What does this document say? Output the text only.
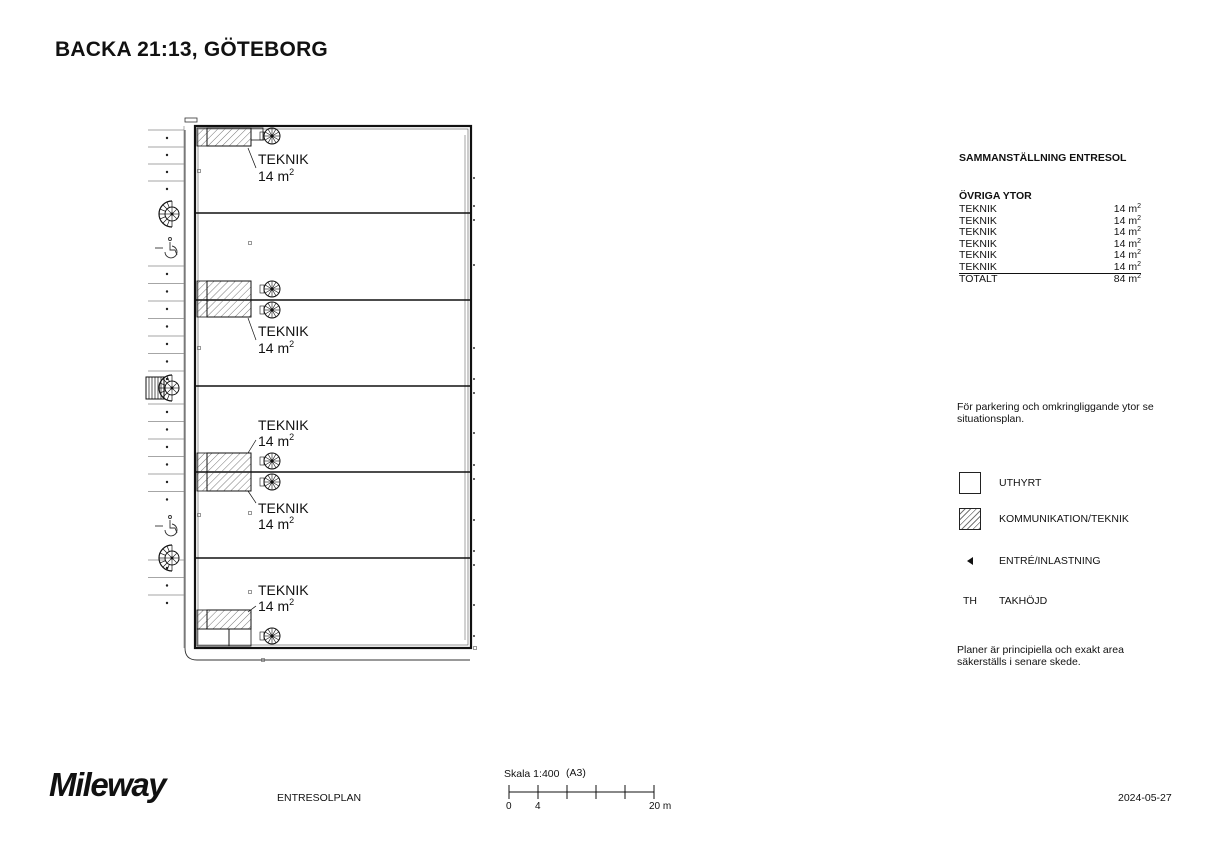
BACKA 21:13, GÖTEBORG
TEKNIK
14 $m^2$
TEKNIK
14 $m^2$
TEKNIK
14 $m^2$
TEKNIK
14 $m^2$
TEKNIK
14 $m^2$
SAMMANSTÄLLNING ENTRESOL
ÖVRIGA YTOR
TEKNIK	14 $m^2$
TEKNIK	14 $m^2$
TEKNIK	14 $m^2$
TEKNIK	14 $m^2$
TEKNIK	14 $m^2$
TEKNIK	14 $m^2$
TOTALT	84 $m^2$
För parkering och omkringliggande ytor se situationsplan.
UTHYRT
KOMMUNIKATION/TEKNIK
ENTRÉ/INLASTNING
TH TAKHÖJD
Planer är principiella och exakt area säkerställs i senare skede.
Mileway	ENTRESOLPLAN
Skala 1:400 (A3)
0 4	20 m
2024-05-27
